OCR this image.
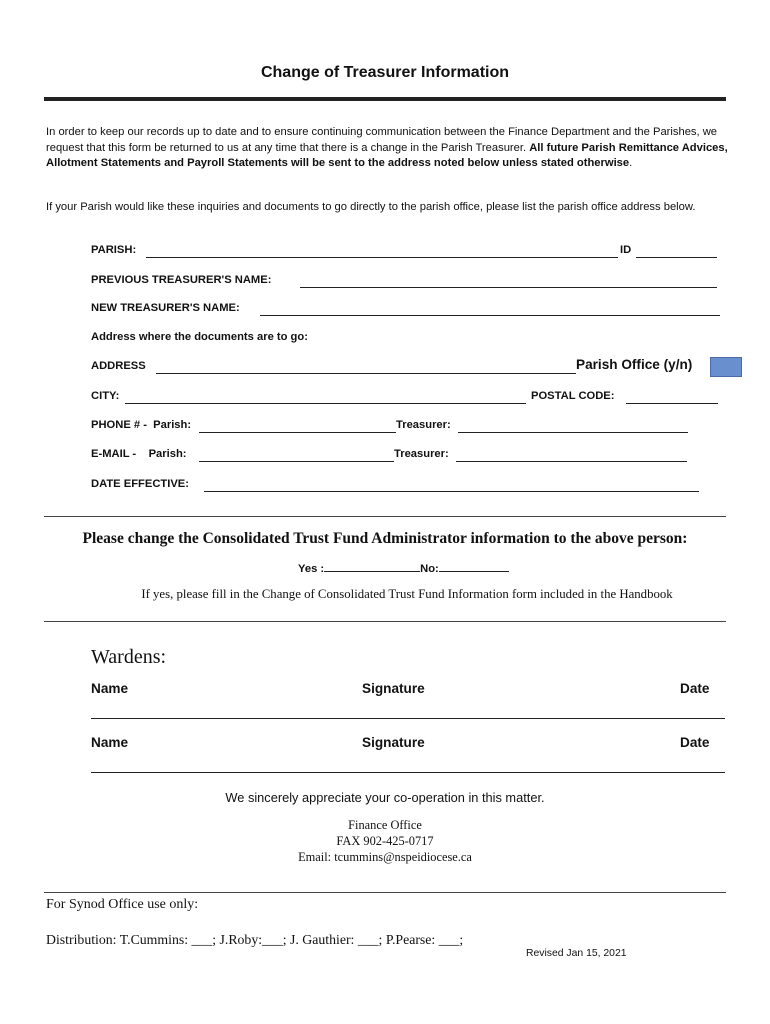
Change of Treasurer Information
In order to keep our records up to date and to ensure continuing communication between the Finance Department and the Parishes, we request that this form be returned to us at any time that there is a change in the Parish Treasurer. All future Parish Remittance Advices, Allotment Statements and Payroll Statements will be sent to the address noted below unless stated otherwise.
If your Parish would like these inquiries and documents to go directly to the parish office, please list the parish office address below.
PARISH:	ID
PREVIOUS TREASURER'S NAME:
NEW TREASURER'S NAME:
Address where the documents are to go:
ADDRESS	Parish Office (y/n)
CITY:	POSTAL CODE:
PHONE # -  Parish:	Treasurer:
E-MAIL -    Parish:	Treasurer:
DATE EFFECTIVE:
Please change the Consolidated Trust Fund Administrator information to the above person:
Yes :	No:
If yes, please fill in the Change of Consolidated Trust Fund Information form included in the Handbook
Wardens:
Name	Signature	Date
Name	Signature	Date
We sincerely appreciate your co-operation in this matter.
Finance Office
FAX 902-425-0717
Email: tcummins@nspeidiocese.ca
For Synod Office use only:
Distribution: T.Cummins: ___; J.Roby:___; J. Gauthier: ___; P.Pearse: ___;
Revised Jan 15, 2021
